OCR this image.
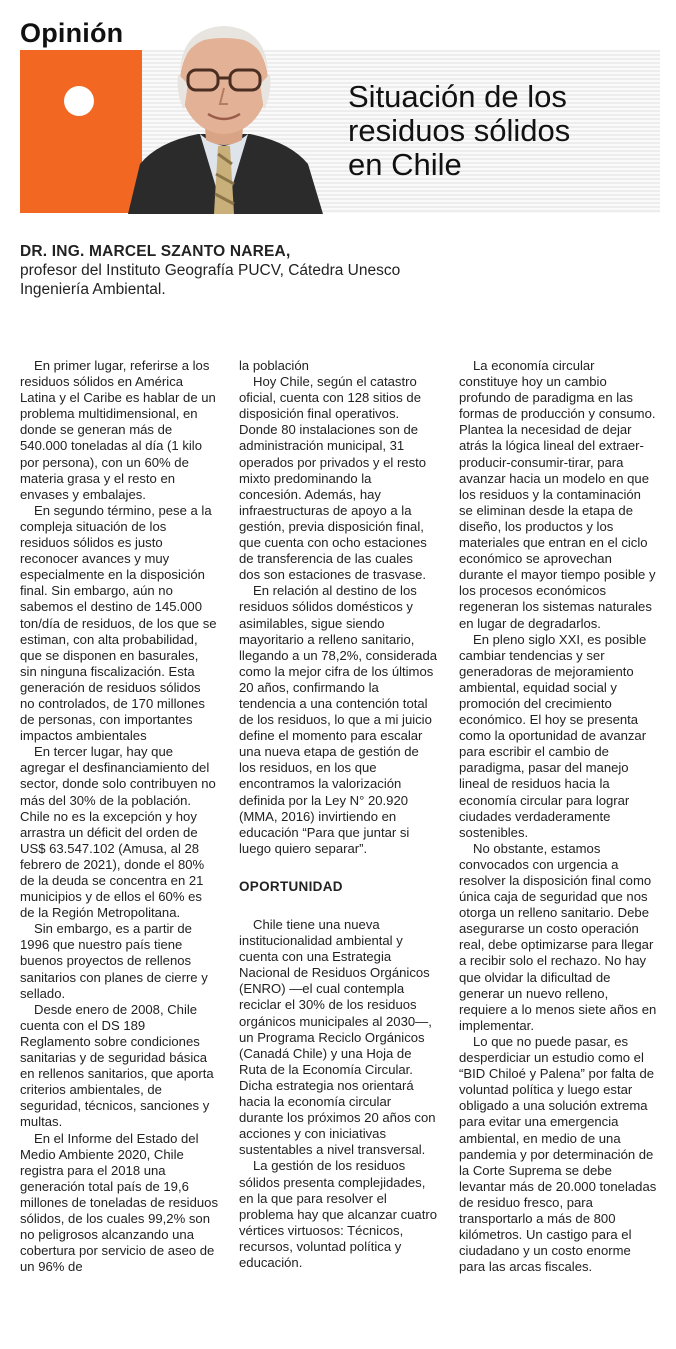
Opinión
Situación de los
residuos sólidos
en Chile
DR. ING. MARCEL SZANTO NAREA,
profesor del Instituto Geografía PUCV, Cátedra Unesco Ingeniería Ambiental.

En primer lugar, referirse a los residuos sólidos en América Latina y el Caribe es hablar de un problema multidimensional, en donde se generan más de 540.000 toneladas al día (1 kilo por persona), con un 60% de materia grasa y el resto en envases y embalajes.

En segundo término, pese a la compleja situación de los residuos sólidos es justo reconocer avances y muy especialmente en la disposición final. Sin embargo, aún no sabemos el destino de 145.000 ton/día de residuos, de los que se estiman, con alta probabilidad, que se disponen en basurales, sin ninguna fiscalización. Esta generación de residuos sólidos no controlados, de 170 millones de personas, con importantes impactos ambientales

En tercer lugar, hay que agregar el desfinanciamiento del sector, donde solo contribuyen no más del 30% de la población. Chile no es la excepción y hoy arrastra un déficit del orden de US$ 63.547.102 (Amusa, al 28 febrero de 2021), donde el 80% de la deuda se concentra en 21 municipios y de ellos el 60% es de la Región Metropolitana.

Sin embargo, es a partir de 1996 que nuestro país tiene buenos proyectos de rellenos sanitarios con planes de cierre y sellado.

Desde enero de 2008, Chile cuenta con el DS 189 Reglamento sobre condiciones sanitarias y de seguridad básica en rellenos sanitarios, que aporta criterios ambientales, de seguridad, técnicos, sanciones y multas.

En el Informe del Estado del Medio Ambiente 2020, Chile registra para el 2018 una generación total país de 19,6 millones de toneladas de residuos sólidos, de los cuales 99,2% son no peligrosos alcanzando una cobertura por servicio de aseo de un 96% de

la población

Hoy Chile, según el catastro oficial, cuenta con 128 sitios de disposición final operativos. Donde 80 instalaciones son de administración municipal, 31 operados por privados y el resto mixto predominando la concesión. Además, hay infraestructuras de apoyo a la gestión, previa disposición final, que cuenta con ocho estaciones de transferencia de las cuales dos son estaciones de trasvase.

En relación al destino de los residuos sólidos domésticos y asimilables, sigue siendo mayoritario a relleno sanitario, llegando a un 78,2%, considerada como la mejor cifra de los últimos 20 años, confirmando la tendencia a una contención total de los residuos, lo que a mi juicio define el momento para escalar una nueva etapa de gestión de los residuos, en los que encontramos la valorización definida por la Ley N° 20.920 (MMA, 2016) invirtiendo en educación “Para que juntar si luego quiero separar”.

OPORTUNIDAD

Chile tiene una nueva institucionalidad ambiental y cuenta con una Estrategia Nacional de Residuos Orgánicos (ENRO) —el cual contempla reciclar el 30% de los residuos orgánicos municipales al 2030—, un Programa Reciclo Orgánicos (Canadá Chile) y una Hoja de Ruta de la Economía Circular. Dicha estrategia nos orientará hacia la economía circular durante los próximos 20 años con acciones y con iniciativas sustentables a nivel transversal.

La gestión de los residuos sólidos presenta complejidades, en la que para resolver el problema hay que alcanzar cuatro vértices virtuosos: Técnicos, recursos, voluntad política y educación.

La economía circular constituye hoy un cambio profundo de paradigma en las formas de producción y consumo. Plantea la necesidad de dejar atrás la lógica lineal del extraer-producir-consumir-tirar, para avanzar hacia un modelo en que los residuos y la contaminación se eliminan desde la etapa de diseño, los productos y los materiales que entran en el ciclo económico se aprovechan durante el mayor tiempo posible y los procesos económicos regeneran los sistemas naturales en lugar de degradarlos.

En pleno siglo XXI, es posible cambiar tendencias y ser generadoras de mejoramiento ambiental, equidad social y promoción del crecimiento económico. El hoy se presenta como la oportunidad de avanzar para escribir el cambio de paradigma, pasar del manejo lineal de residuos hacia la economía circular para lograr ciudades verdaderamente sostenibles.

No obstante, estamos convocados con urgencia a resolver la disposición final como única caja de seguridad que nos otorga un relleno sanitario. Debe asegurarse un costo operación real, debe optimizarse para llegar a recibir solo el rechazo. No hay que olvidar la dificultad de generar un nuevo relleno, requiere a lo menos siete años en implementar.

Lo que no puede pasar, es desperdiciar un estudio como el “BID Chiloé y Palena” por falta de voluntad política y luego estar obligado a una solución extrema para evitar una emergencia ambiental, en medio de una pandemia y por determinación de la Corte Suprema se debe levantar más de 20.000 toneladas de residuo fresco, para transportarlo a más de 800 kilómetros. Un castigo para el ciudadano y un costo enorme para las arcas fiscales.
